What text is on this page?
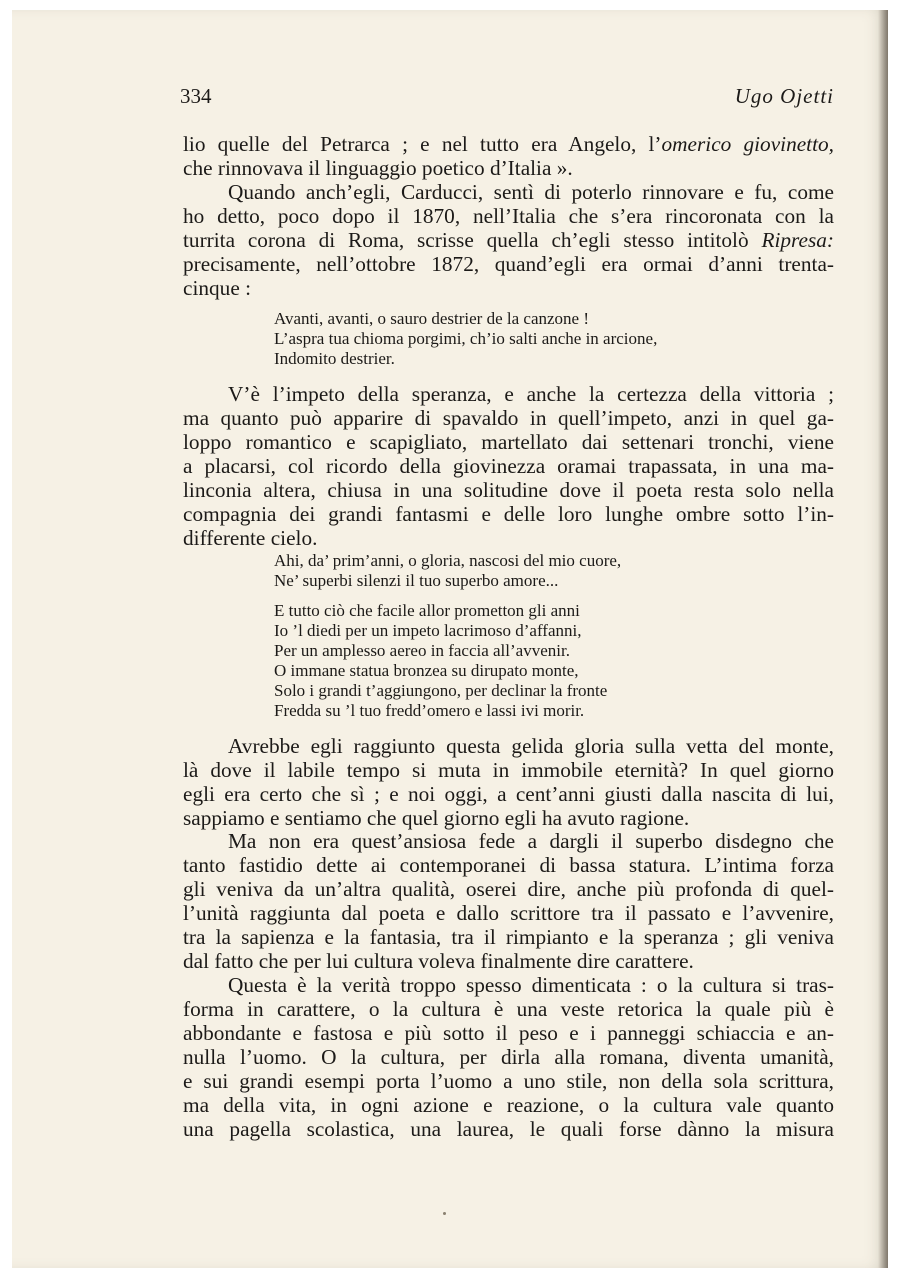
334	Ugo Ojetti
lio quelle del Petrarca ; e nel tutto era Angelo, l’omerico giovinetto,
che rinnovava il linguaggio poetico d’Italia ».
Quando anch’egli, Carducci, sentì di poterlo rinnovare e fu, come
ho detto, poco dopo il 1870, nell’Italia che s’era rincoronata con la
turrita corona di Roma, scrisse quella ch’egli stesso intitolò Ripresa:
precisamente, nell’ottobre 1872, quand’egli era ormai d’anni trenta-
cinque :
Avanti, avanti, o sauro destrier de la canzone !
L’aspra tua chioma porgimi, ch’io salti anche in arcione,
Indomito destrier.
V’è l’impeto della speranza, e anche la certezza della vittoria ;
ma quanto può apparire di spavaldo in quell’impeto, anzi in quel ga-
loppo romantico e scapigliato, martellato dai settenari tronchi, viene
a placarsi, col ricordo della giovinezza oramai trapassata, in una ma-
linconia altera, chiusa in una solitudine dove il poeta resta solo nella
compagnia dei grandi fantasmi e delle loro lunghe ombre sotto l’in-
differente cielo.
Ahi, da’ prim’anni, o gloria, nascosi del mio cuore,
Ne’ superbi silenzi il tuo superbo amore...
E tutto ciò che facile allor prometton gli anni
Io ’l diedi per un impeto lacrimoso d’affanni,
Per un amplesso aereo in faccia all’avvenir.
O immane statua bronzea su dirupato monte,
Solo i grandi t’aggiungono, per declinar la fronte
Fredda su ’l tuo fredd’omero e lassi ivi morir.
Avrebbe egli raggiunto questa gelida gloria sulla vetta del monte,
là dove il labile tempo si muta in immobile eternità? In quel giorno
egli era certo che sì ; e noi oggi, a cent’anni giusti dalla nascita di lui,
sappiamo e sentiamo che quel giorno egli ha avuto ragione.
Ma non era quest’ansiosa fede a dargli il superbo disdegno che
tanto fastidio dette ai contemporanei di bassa statura. L’intima forza
gli veniva da un’altra qualità, oserei dire, anche più profonda di quel-
l’unità raggiunta dal poeta e dallo scrittore tra il passato e l’avvenire,
tra la sapienza e la fantasia, tra il rimpianto e la speranza ; gli veniva
dal fatto che per lui cultura voleva finalmente dire carattere.
Questa è la verità troppo spesso dimenticata : o la cultura si tras-
forma in carattere, o la cultura è una veste retorica la quale più è
abbondante e fastosa e più sotto il peso e i panneggi schiaccia e an-
nulla l’uomo. O la cultura, per dirla alla romana, diventa umanità,
e sui grandi esempi porta l’uomo a uno stile, non della sola scrittura,
ma della vita, in ogni azione e reazione, o la cultura vale quanto
una pagella scolastica, una laurea, le quali forse dànno la misura
